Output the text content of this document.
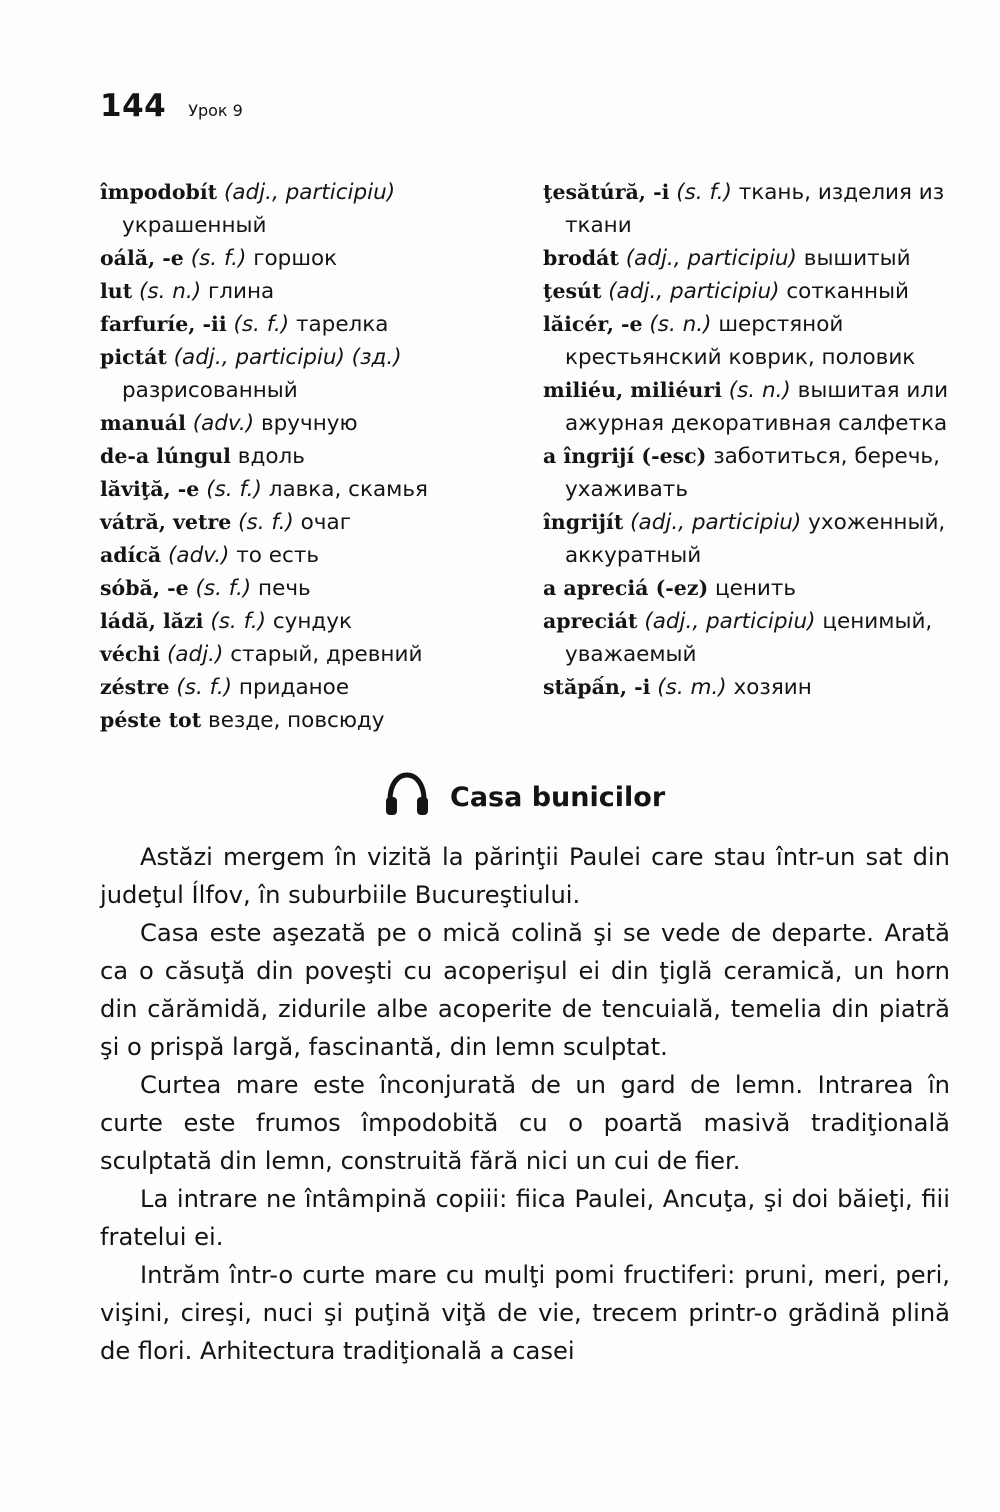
144 Урок 9

împodobít (adj., participiu) украшенный

oálă, -e (s. f.) горшок

lut (s. n.) глина

farfuríe, -ii (s. f.) тарелка

pictát (adj., participiu) (зд.) разрисованный

manuál (adv.) вручную

de-a lúngul вдоль

lăviţă, -e (s. f.) лавка, скамья

vátră, vetre (s. f.) очаг

adícă (adv.) то есть

sóbă, -e (s. f.) печь

ládă, lăzi (s. f.) сундук

véchi (adj.) старый, древний

zéstre (s. f.) приданое

péste tot везде, повсюду

ţesătúră, -i (s. f.) ткань, изделия из ткани

brodát (adj., participiu) вышитый

ţesút (adj., participiu) сотканный

lăicér, -e (s. n.) шерстяной крестьянский коврик, половик

miliéu, miliéuri (s. n.) вышитая или ажурная декоративная салфетка

a îngrijí (-esc) заботиться, беречь, ухаживать

îngrijít (adj., participiu) ухоженный, аккуратный

a apreciá (-ez) ценить

apreciát (adj., participiu) ценимый, уважаемый

stăpấn, -i (s. m.) хозяин

Casa bunicilor

Astăzi mergem în vizită la părinţii Paulei care stau într-un sat din judeţul Ílfov, în suburbiile Bucureştiului.

Casa este aşezată pe o mică colină şi se vede de departe. Arată ca o căsuţă din poveşti cu acoperişul ei din ţiglă ceramică, un horn din cărămidă, zidurile albe acoperite de tencuială, temelia din piatră şi o prispă largă, fascinantă, din lemn sculptat.

Curtea mare este înconjurată de un gard de lemn. Intrarea în curte este frumos împodobită cu o poartă masivă tradiţională sculptată din lemn, construită fără nici un cui de fier.

La intrare ne întâmpină copiii: fiica Paulei, Ancuţa, şi doi băieţi, fiii fratelui ei.

Intrăm într-o curte mare cu mulţi pomi fructiferi: pruni, meri, peri, vişini, cireşi, nuci şi puţină viţă de vie, trecem printr-o grădină plină de flori. Arhitectura tradiţională a casei
